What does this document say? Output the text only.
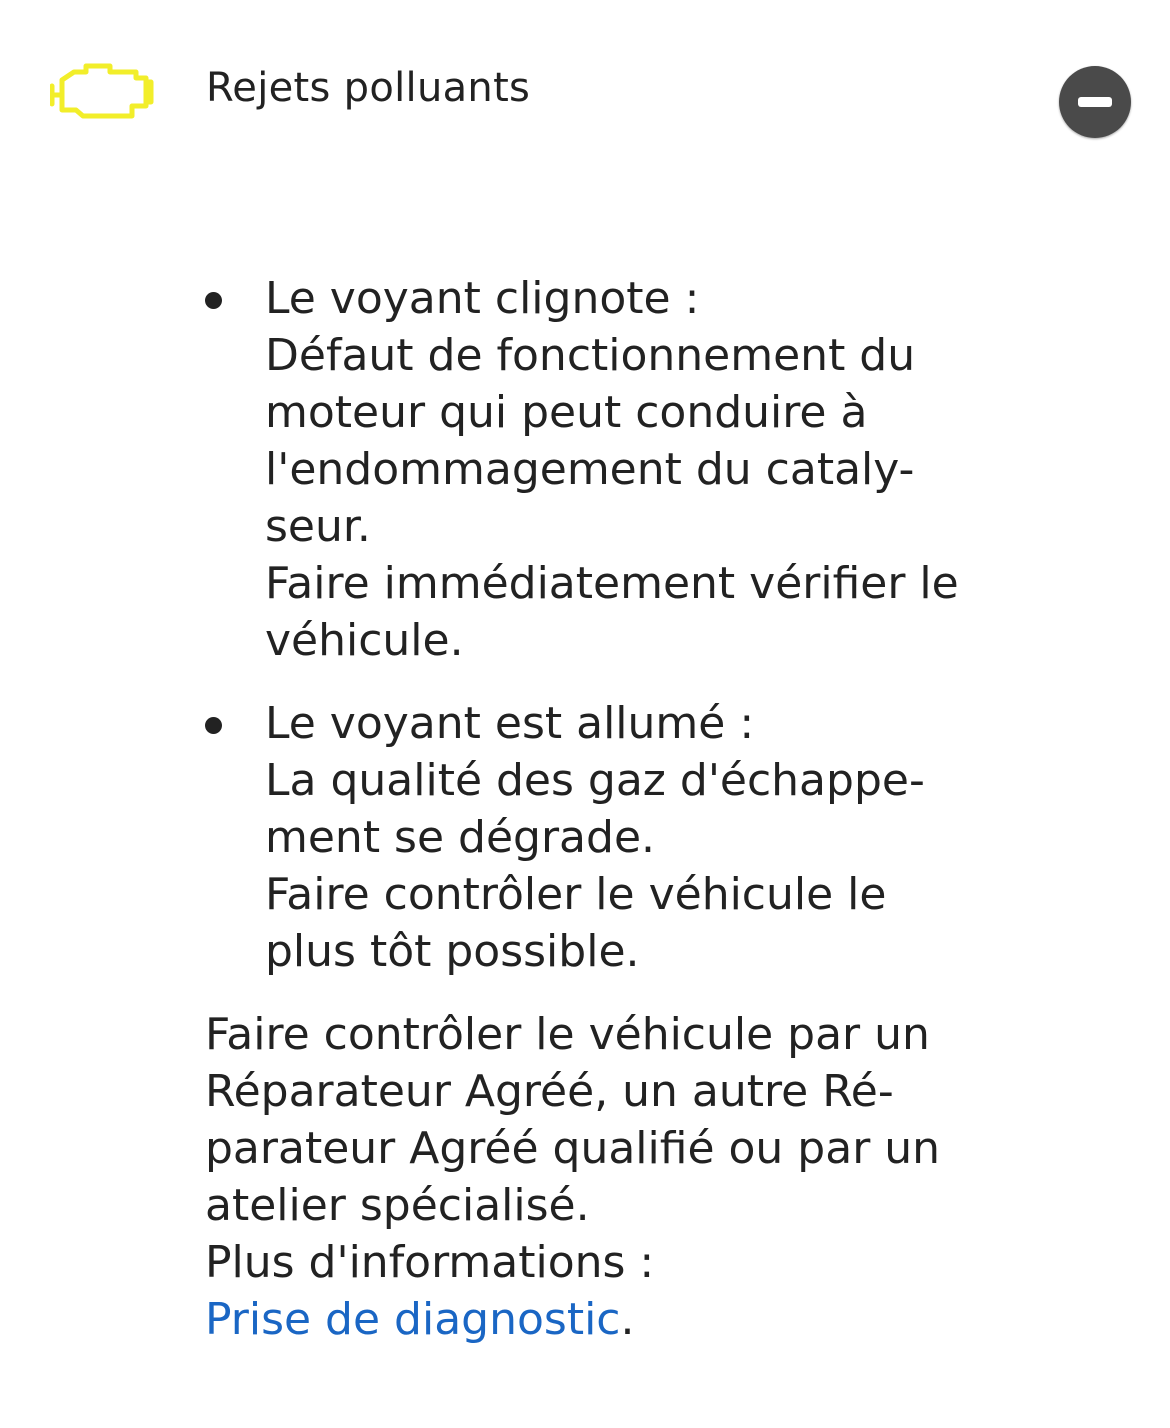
Rejets polluants
Le voyant clignote :
Défaut de fonctionnement du
moteur qui peut conduire à
l'endommagement du cataly-
seur.
Faire immédiatement vérifier le
véhicule.
Le voyant est allumé :
La qualité des gaz d'échappe-
ment se dégrade.
Faire contrôler le véhicule le
plus tôt possible.
Faire contrôler le véhicule par un
Réparateur Agréé, un autre Ré-
parateur Agréé qualifié ou par un
atelier spécialisé.
Plus d'informations :
Prise de diagnostic.
